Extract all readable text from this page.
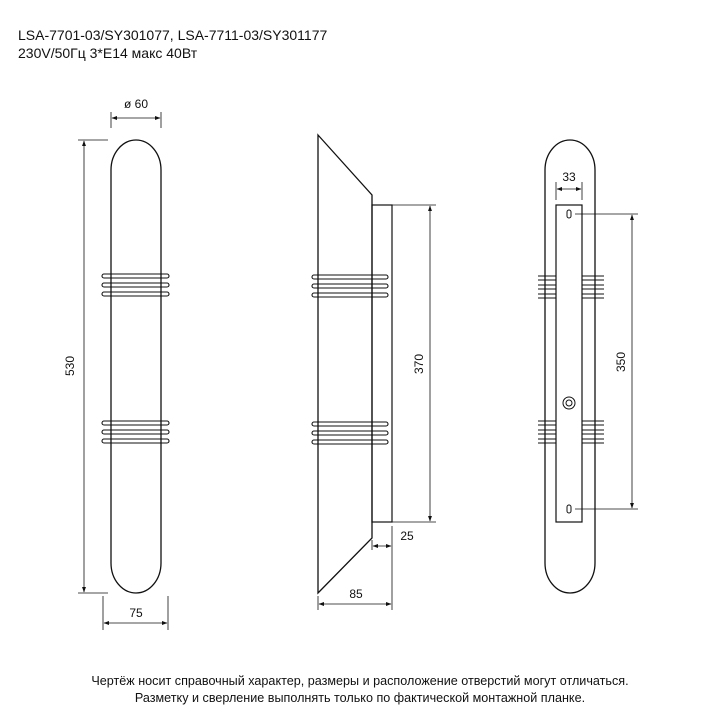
LSA-7701-03/SY301077, LSA-7711-03/SY301177
230V/50Гц 3*E14 макс 40Вт
ø 60
530
75
370
25
85
33
350
Чертёж носит справочный характер, размеры и расположение отверстий могут отличаться.
Разметку и сверление выполнять только по фактической монтажной планке.
